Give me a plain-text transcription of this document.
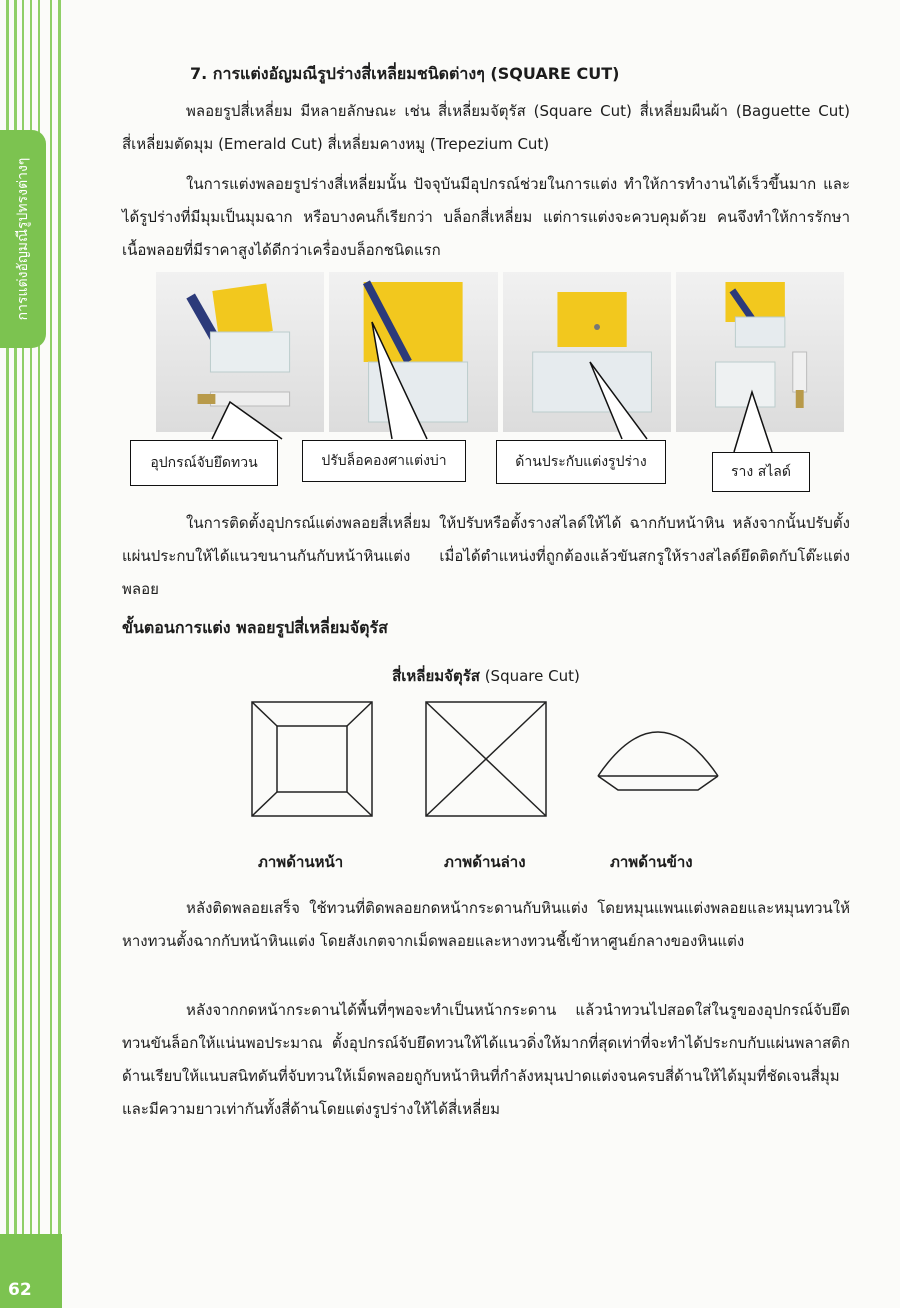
การแต่งอัญมณีรูปทรงต่างๆ
62
7. การแต่งอัญมณีรูปร่างสี่เหลี่ยมชนิดต่างๆ (SQUARE CUT)

พลอยรูปสี่เหลี่ยม มีหลายลักษณะ เช่น สี่เหลี่ยมจัตุรัส (Square Cut) สี่เหลี่ยมผืนผ้า (Baguette Cut) สี่เหลี่ยมตัดมุม (Emerald Cut) สี่เหลี่ยมคางหมู (Trepezium Cut)

ในการแต่งพลอยรูปร่างสี่เหลี่ยมนั้น ปัจจุบันมีอุปกรณ์ช่วยในการแต่ง ทำให้การทำงานได้เร็วขึ้นมาก และได้รูปร่างที่มีมุมเป็นมุมฉาก หรือบางคนก็เรียกว่า บล็อกสี่เหลี่ยม แต่การแต่งจะควบคุมด้วย คนจึงทำให้การรักษาเนื้อพลอยที่มีราคาสูงได้ดีกว่าเครื่องบล็อกชนิดแรก

อุปกรณ์จับยึดทวน	ปรับล็อคองศาแต่งบ่า	ด้านประกับแต่งรูปร่าง
ราง สไลด์

ในการติดตั้งอุปกรณ์แต่งพลอยสี่เหลี่ยม ให้ปรับหรือตั้งรางสไลด์ให้ได้ ฉากกับหน้าหิน หลังจากนั้นปรับตั้งแผ่นประกบให้ได้แนวขนานกันกับหน้าหินแต่ง เมื่อได้ตำแหน่งที่ถูกต้องแล้วขันสกรูให้รางสไลด์ยึดติดกับโต๊ะแต่งพลอย

ขั้นตอนการแต่ง พลอยรูปสี่เหลี่ยมจัตุรัส
สี่เหลี่ยมจัตุรัส (Square Cut)
ภาพด้านหน้า	ภาพด้านล่าง	ภาพด้านข้าง

หลังติดพลอยเสร็จ ใช้ทวนที่ติดพลอยกดหน้ากระดานกับหินแต่ง โดยหมุนแพนแต่งพลอยและหมุนทวนให้หางทวนตั้งฉากกับหน้าหินแต่ง โดยสังเกตจากเม็ดพลอยและหางทวนชี้เข้าหาศูนย์กลางของหินแต่ง

หลังจากกดหน้ากระดานได้พื้นที่ๆพอจะทำเป็นหน้ากระดาน แล้วนำทวนไปสอดใส่ในรูของอุปกรณ์จับยึดทวนขันล็อกให้แน่นพอประมาณ ตั้งอุปกรณ์จับยึดทวนให้ได้แนวดิ่งให้มากที่สุดเท่าที่จะทำได้ประกบกับแผ่นพลาสติกด้านเรียบให้แนบสนิทดันที่จับทวนให้เม็ดพลอยถูกับหน้าหินที่กำลังหมุนปาดแต่งจนครบสี่ด้านให้ได้มุมที่ชัดเจนสี่มุมและมีความยาวเท่ากันทั้งสี่ด้านโดยแต่งรูปร่างให้ได้สี่เหลี่ยม
